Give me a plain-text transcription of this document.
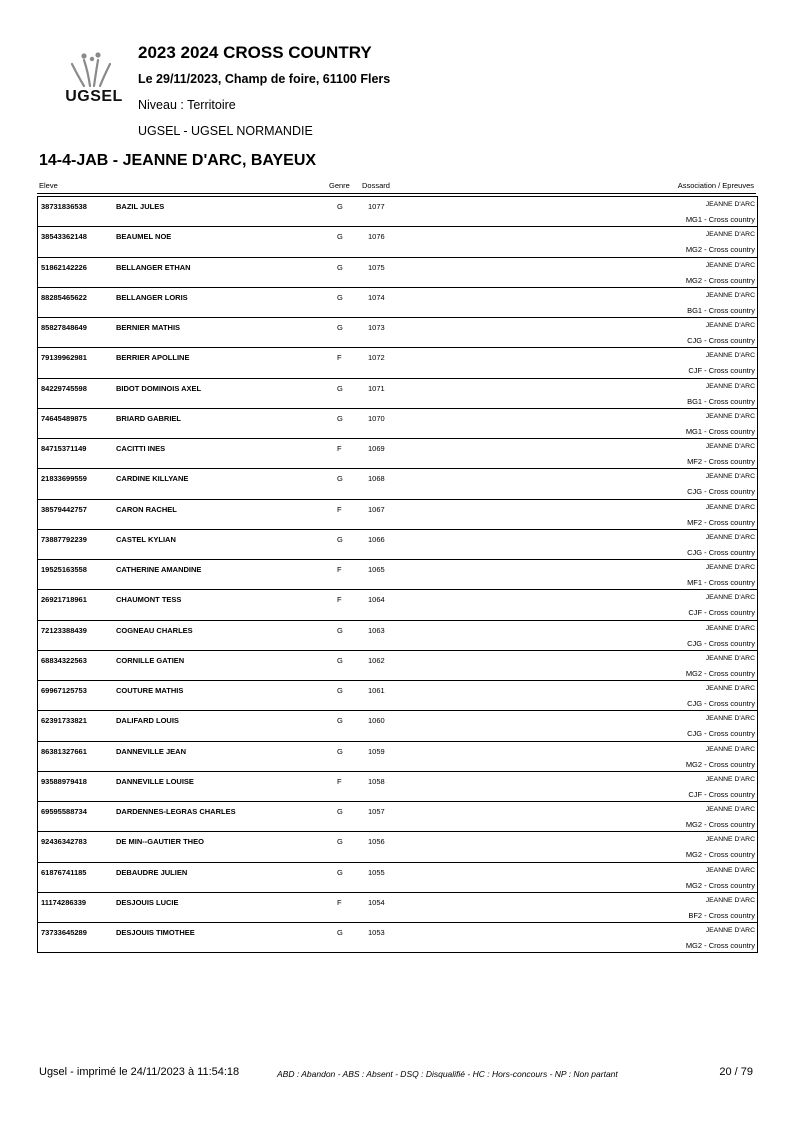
UGSEL
2023 2024 CROSS COUNTRY
Le 29/11/2023, Champ de foire, 61100 Flers
Niveau : Territoire
UGSEL - UGSEL NORMANDIE
14-4-JAB - JEANNE D'ARC, BAYEUX
Eleve	Genre Dossard	Association / Epreuves
38731836538	BAZIL JULES	G	1077	JEANNE D'ARC
MG1 - Cross country
38543362148	BEAUMEL NOE	G	1076	JEANNE D'ARC
MG2 - Cross country
51862142226	BELLANGER ETHAN	G	1075	JEANNE D'ARC
MG2 - Cross country
88285465622	BELLANGER LORIS	G	1074	JEANNE D'ARC
BG1 - Cross country
85827848649	BERNIER MATHIS	G	1073	JEANNE D'ARC
CJG - Cross country
79139962981	BERRIER APOLLINE	F	1072	JEANNE D'ARC
CJF - Cross country
84229745598	BIDOT DOMINOIS AXEL	G	1071	JEANNE D'ARC
BG1 - Cross country
74645489875	BRIARD GABRIEL	G	1070	JEANNE D'ARC
MG1 - Cross country
84715371149	CACITTI INES	F	1069	JEANNE D'ARC
MF2 - Cross country
21833699559	CARDINE KILLYANE	G	1068	JEANNE D'ARC
CJG - Cross country
38579442757	CARON RACHEL	F	1067	JEANNE D'ARC
MF2 - Cross country
73887792239	CASTEL KYLIAN	G	1066	JEANNE D'ARC
CJG - Cross country
19525163558	CATHERINE AMANDINE	F	1065	JEANNE D'ARC
MF1 - Cross country
26921718961	CHAUMONT TESS	F	1064	JEANNE D'ARC
CJF - Cross country
72123388439	COGNEAU CHARLES	G	1063	JEANNE D'ARC
CJG - Cross country
68834322563	CORNILLE GATIEN	G	1062	JEANNE D'ARC
MG2 - Cross country
69967125753	COUTURE MATHIS	G	1061	JEANNE D'ARC
CJG - Cross country
62391733821	DALIFARD LOUIS	G	1060	JEANNE D'ARC
CJG - Cross country
86381327661	DANNEVILLE JEAN	G	1059	JEANNE D'ARC
MG2 - Cross country
93588979418	DANNEVILLE LOUISE	F	1058	JEANNE D'ARC
CJF - Cross country
69595588734	DARDENNES-LEGRAS CHARLES	G	1057	JEANNE D'ARC
MG2 - Cross country
92436342783	DE MIN--GAUTIER THEO	G	1056	JEANNE D'ARC
MG2 - Cross country
61876741185	DEBAUDRE JULIEN	G	1055	JEANNE D'ARC
MG2 - Cross country
11174286339	DESJOUIS LUCIE	F	1054	JEANNE D'ARC
BF2 - Cross country
73733645289	DESJOUIS TIMOTHEE	G	1053	JEANNE D'ARC
MG2 - Cross country
Ugsel - imprimé le 24/11/2023 à 11:54:18	ABD : Abandon - ABS : Absent - DSQ : Disqualifié - HC : Hors-concours - NP : Non partant	20 / 79
